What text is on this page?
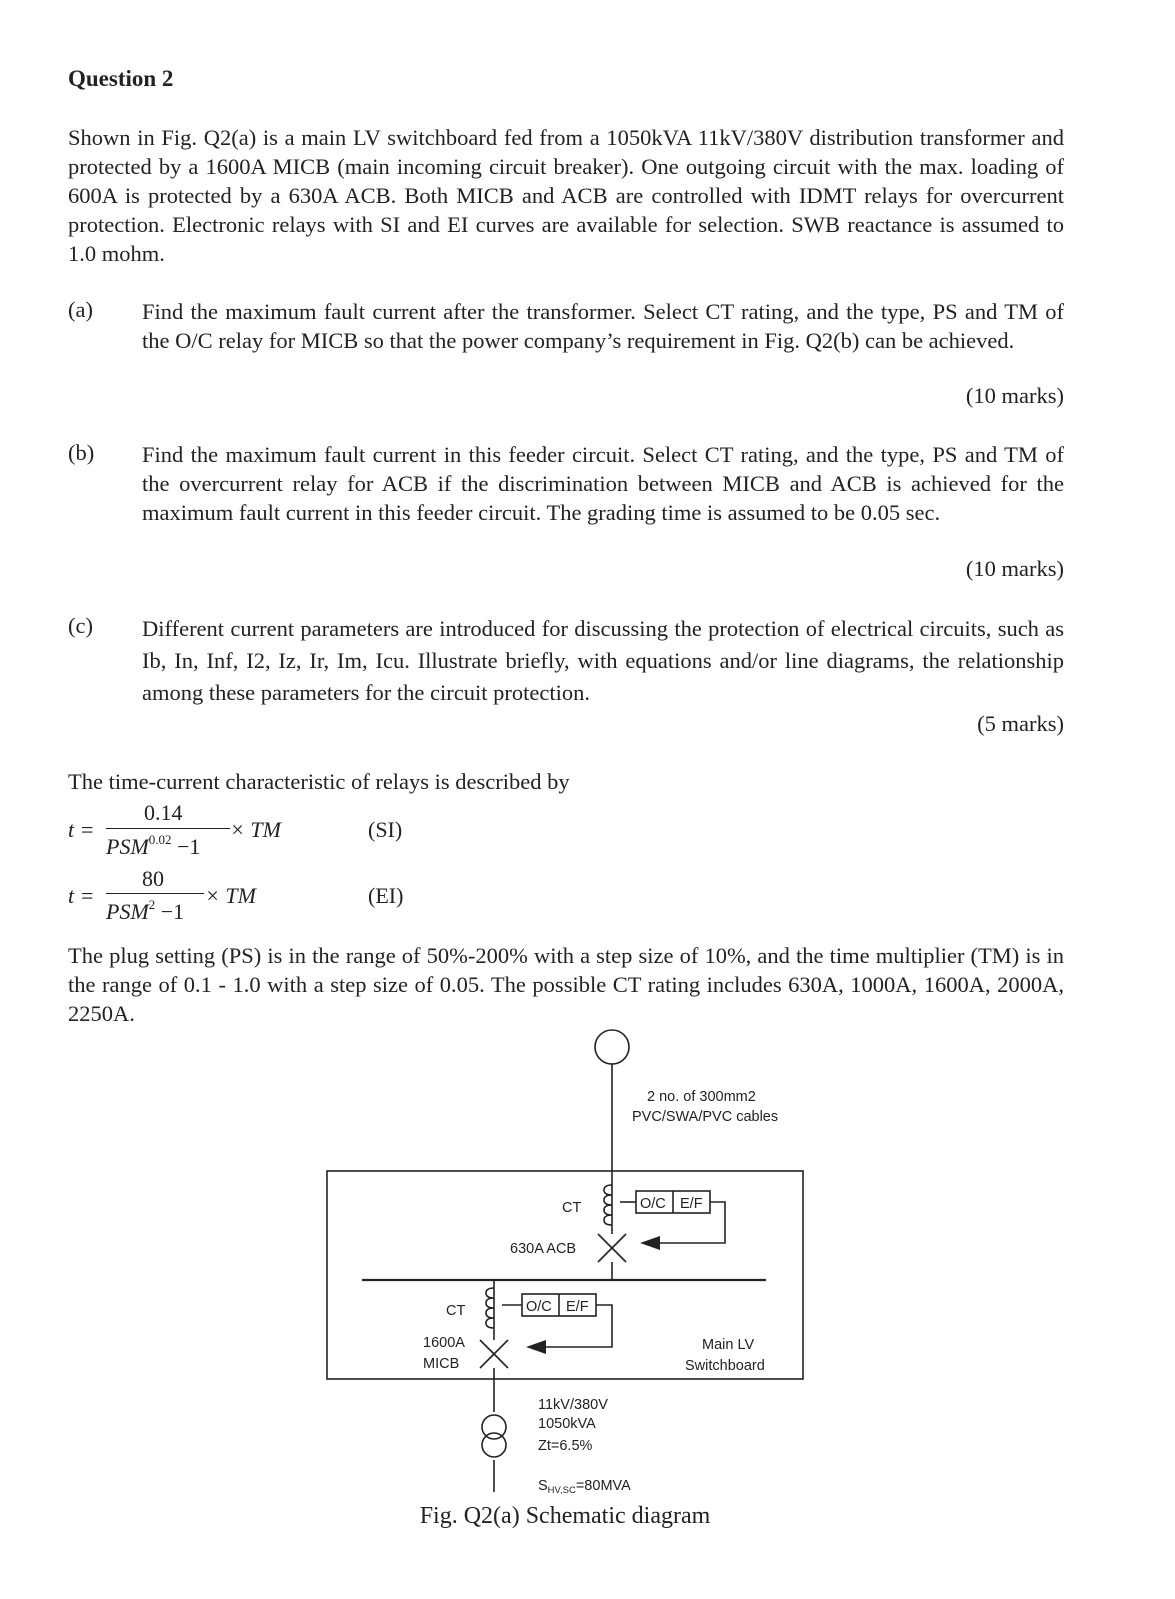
Question 2

Shown in Fig. Q2(a) is a main LV switchboard fed from a 1050kVA 11kV/380V distribution transformer and protected by a 1600A MICB (main incoming circuit breaker). One outgoing circuit with the max. loading of 600A is protected by a 630A ACB. Both MICB and ACB are controlled with IDMT relays for overcurrent protection. Electronic relays with SI and EI curves are available for selection. SWB reactance is assumed to 1.0 mohm.

(a) Find the maximum fault current after the transformer. Select CT rating, and the type, PS and TM of the O/C relay for MICB so that the power company’s requirement in Fig. Q2(b) can be achieved.

(10 marks)
(b) Find the maximum fault current in this feeder circuit. Select CT rating, and the type, PS and TM of the overcurrent relay for ACB if the discrimination between MICB and ACB is achieved for the maximum fault current in this feeder circuit. The grading time is assumed to be 0.05 sec.

(10 marks)
(c) Different current parameters are introduced for discussing the protection of electrical circuits, such as Ib, In, Inf, I2, Iz, Ir, Im, Icu. Illustrate briefly, with equations and/or line diagrams, the relationship among these parameters for the circuit protection.

(5 marks)
The time-current characteristic of relays is described by
t =
0.14
$PSM^{0.02} -1$
× TM	(SI)
t =
80
$PSM^2 -1$
× TM	(EI)

The plug setting (PS) is in the range of 50%-200% with a step size of 10%, and the time multiplier (TM) is in the range of 0.1 - 1.0 with a step size of 0.05. The possible CT rating includes 630A, 1000A, 1600A, 2000A, 2250A.

2 no. of 300mm2
PVC/SWA/PVC cables
CT	O/C E/F
630A ACB
CT	O/C E/F
1600A
MICB
Main LV
Switchboard
11kV/380V
1050kVA
Zt=6.5%
$S_{HV,SC}=80MVA$
Fig. Q2(a) Schematic diagram
